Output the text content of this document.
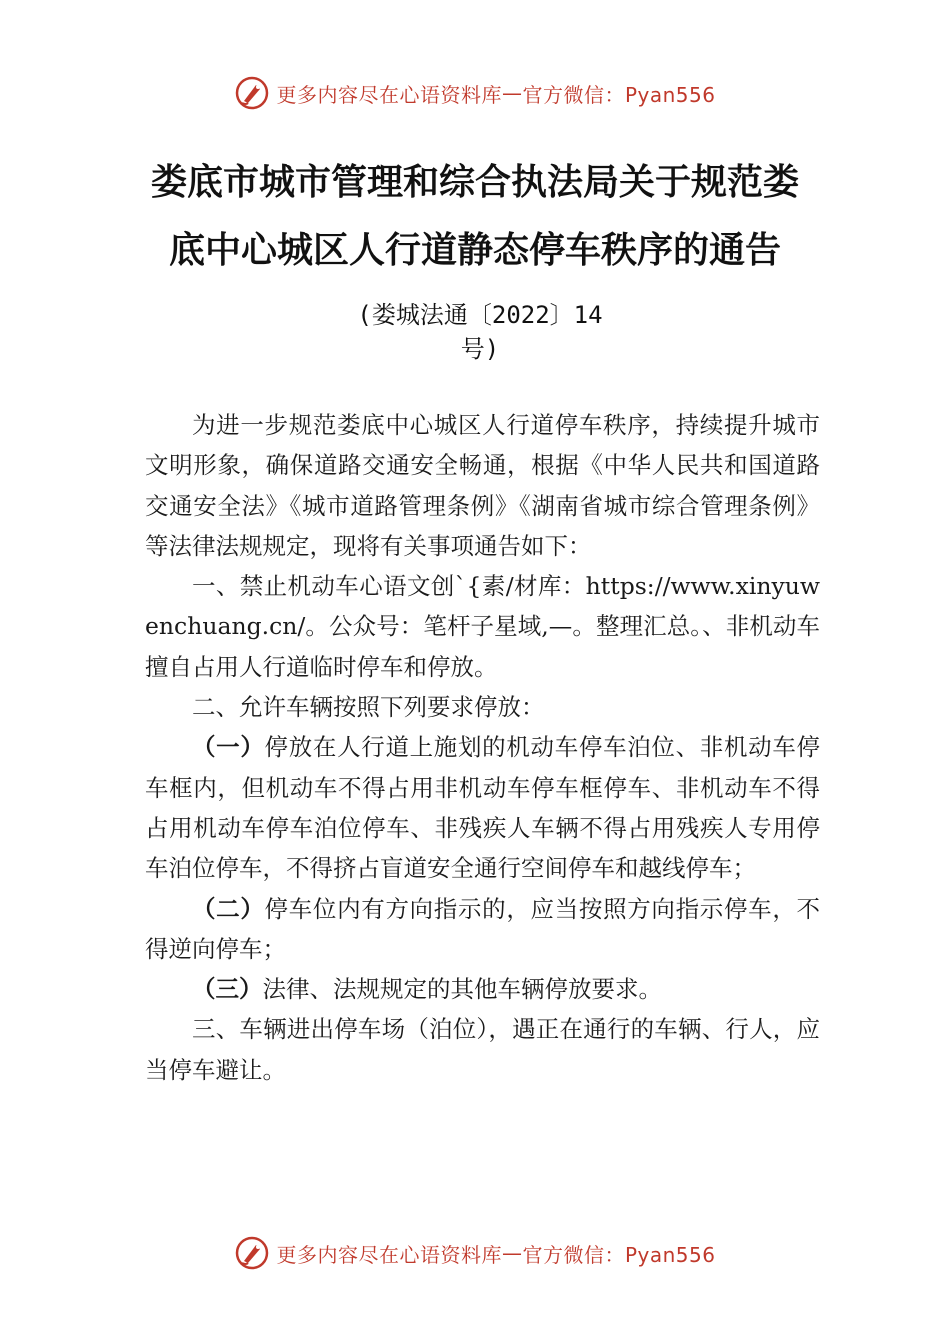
更多内容尽在心语资料库 — 官方微信：Pyan556
娄底市城市管理和综合执法局关于规范娄
底中心城区人行道静态停车秩序的通告
(娄城法通〔2022〕14
号)

为进一步规范娄底中心城区人行道停车秩序，持续提升城市文明形象，确保道路交通安全畅通，根据《中华人民共和国道路交通安全法》《城市道路管理条例》《湖南省城市综合管理条例》等法律法规规定，现将有关事项通告如下：

一、禁止机动车心语文创`{素/材库：https://www.xinyuwenchuang.cn/。公众号：笔杆子星域,—。整理汇总。、非机动车擅自占用人行道临时停车和停放。

二、允许车辆按照下列要求停放：

（一）停放在人行道上施划的机动车停车泊位、非机动车停车框内，但机动车不得占用非机动车停车框停车、非机动车不得占用机动车停车泊位停车、非残疾人车辆不得占用残疾人专用停车泊位停车，不得挤占盲道安全通行空间停车和越线停车；

（二）停车位内有方向指示的，应当按照方向指示停车，不得逆向停车；

（三）法律、法规规定的其他车辆停放要求。

三、车辆进出停车场（泊位），遇正在通行的车辆、行人，应当停车避让。

更多内容尽在心语资料库 — 官方微信：Pyan556
